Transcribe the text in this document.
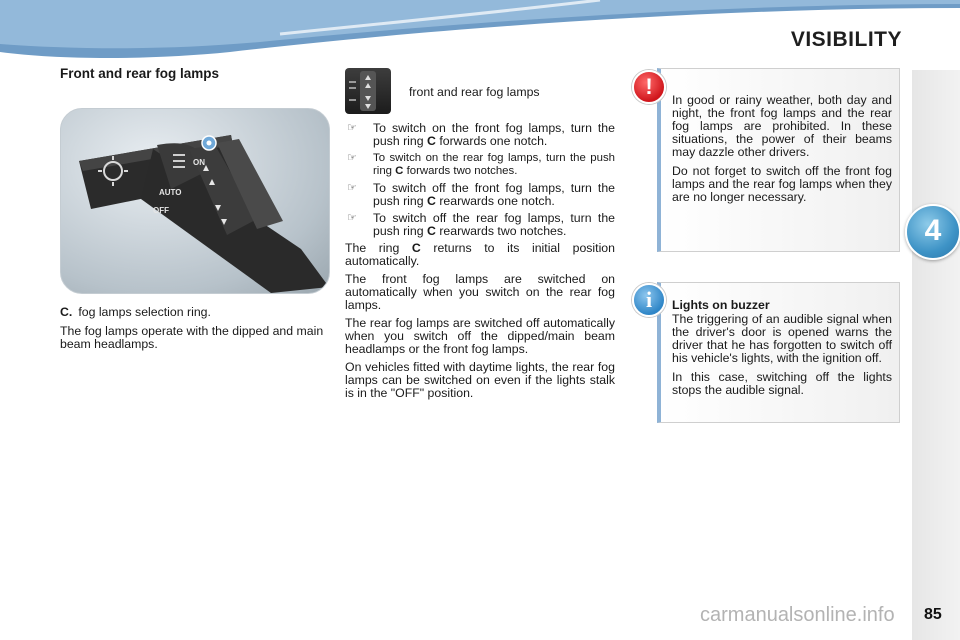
VISIBILITY
4
85
Front and rear fog lamps
ON
AUTO
OFF

C. fog lamps selection ring.

The fog lamps operate with the dipped and main beam headlamps.

front and rear fog lamps
☞ To switch on the front fog lamps, turn the push ring C forwards one notch.
☞ To switch on the rear fog lamps, turn the push ring C forwards two notches.
☞ To switch off the front fog lamps, turn the push ring C rearwards one notch.
☞ To switch off the rear fog lamps, turn the push ring C rearwards two notches.

The ring C returns to its initial position automatically.

The front fog lamps are switched on automatically when you switch on the rear fog lamps.

The rear fog lamps are switched off automatically when you switch off the dipped/main beam headlamps or the front fog lamps.

On vehicles fitted with daytime lights, the rear fog lamps can be switched on even if the lights stalk is in the "OFF" position.

!

In good or rainy weather, both day and night, the front fog lamps and the rear fog lamps are prohibited. In these situations, the power of their beams may dazzle other drivers.

Do not forget to switch off the front fog lamps and the rear fog lamps when they are no longer necessary.

i	Lights on buzzer

The triggering of an audible signal when the driver's door is opened warns the driver that he has forgotten to switch off his vehicle's lights, with the ignition off.

In this case, switching off the lights stops the audible signal.

carmanualsonline.info
